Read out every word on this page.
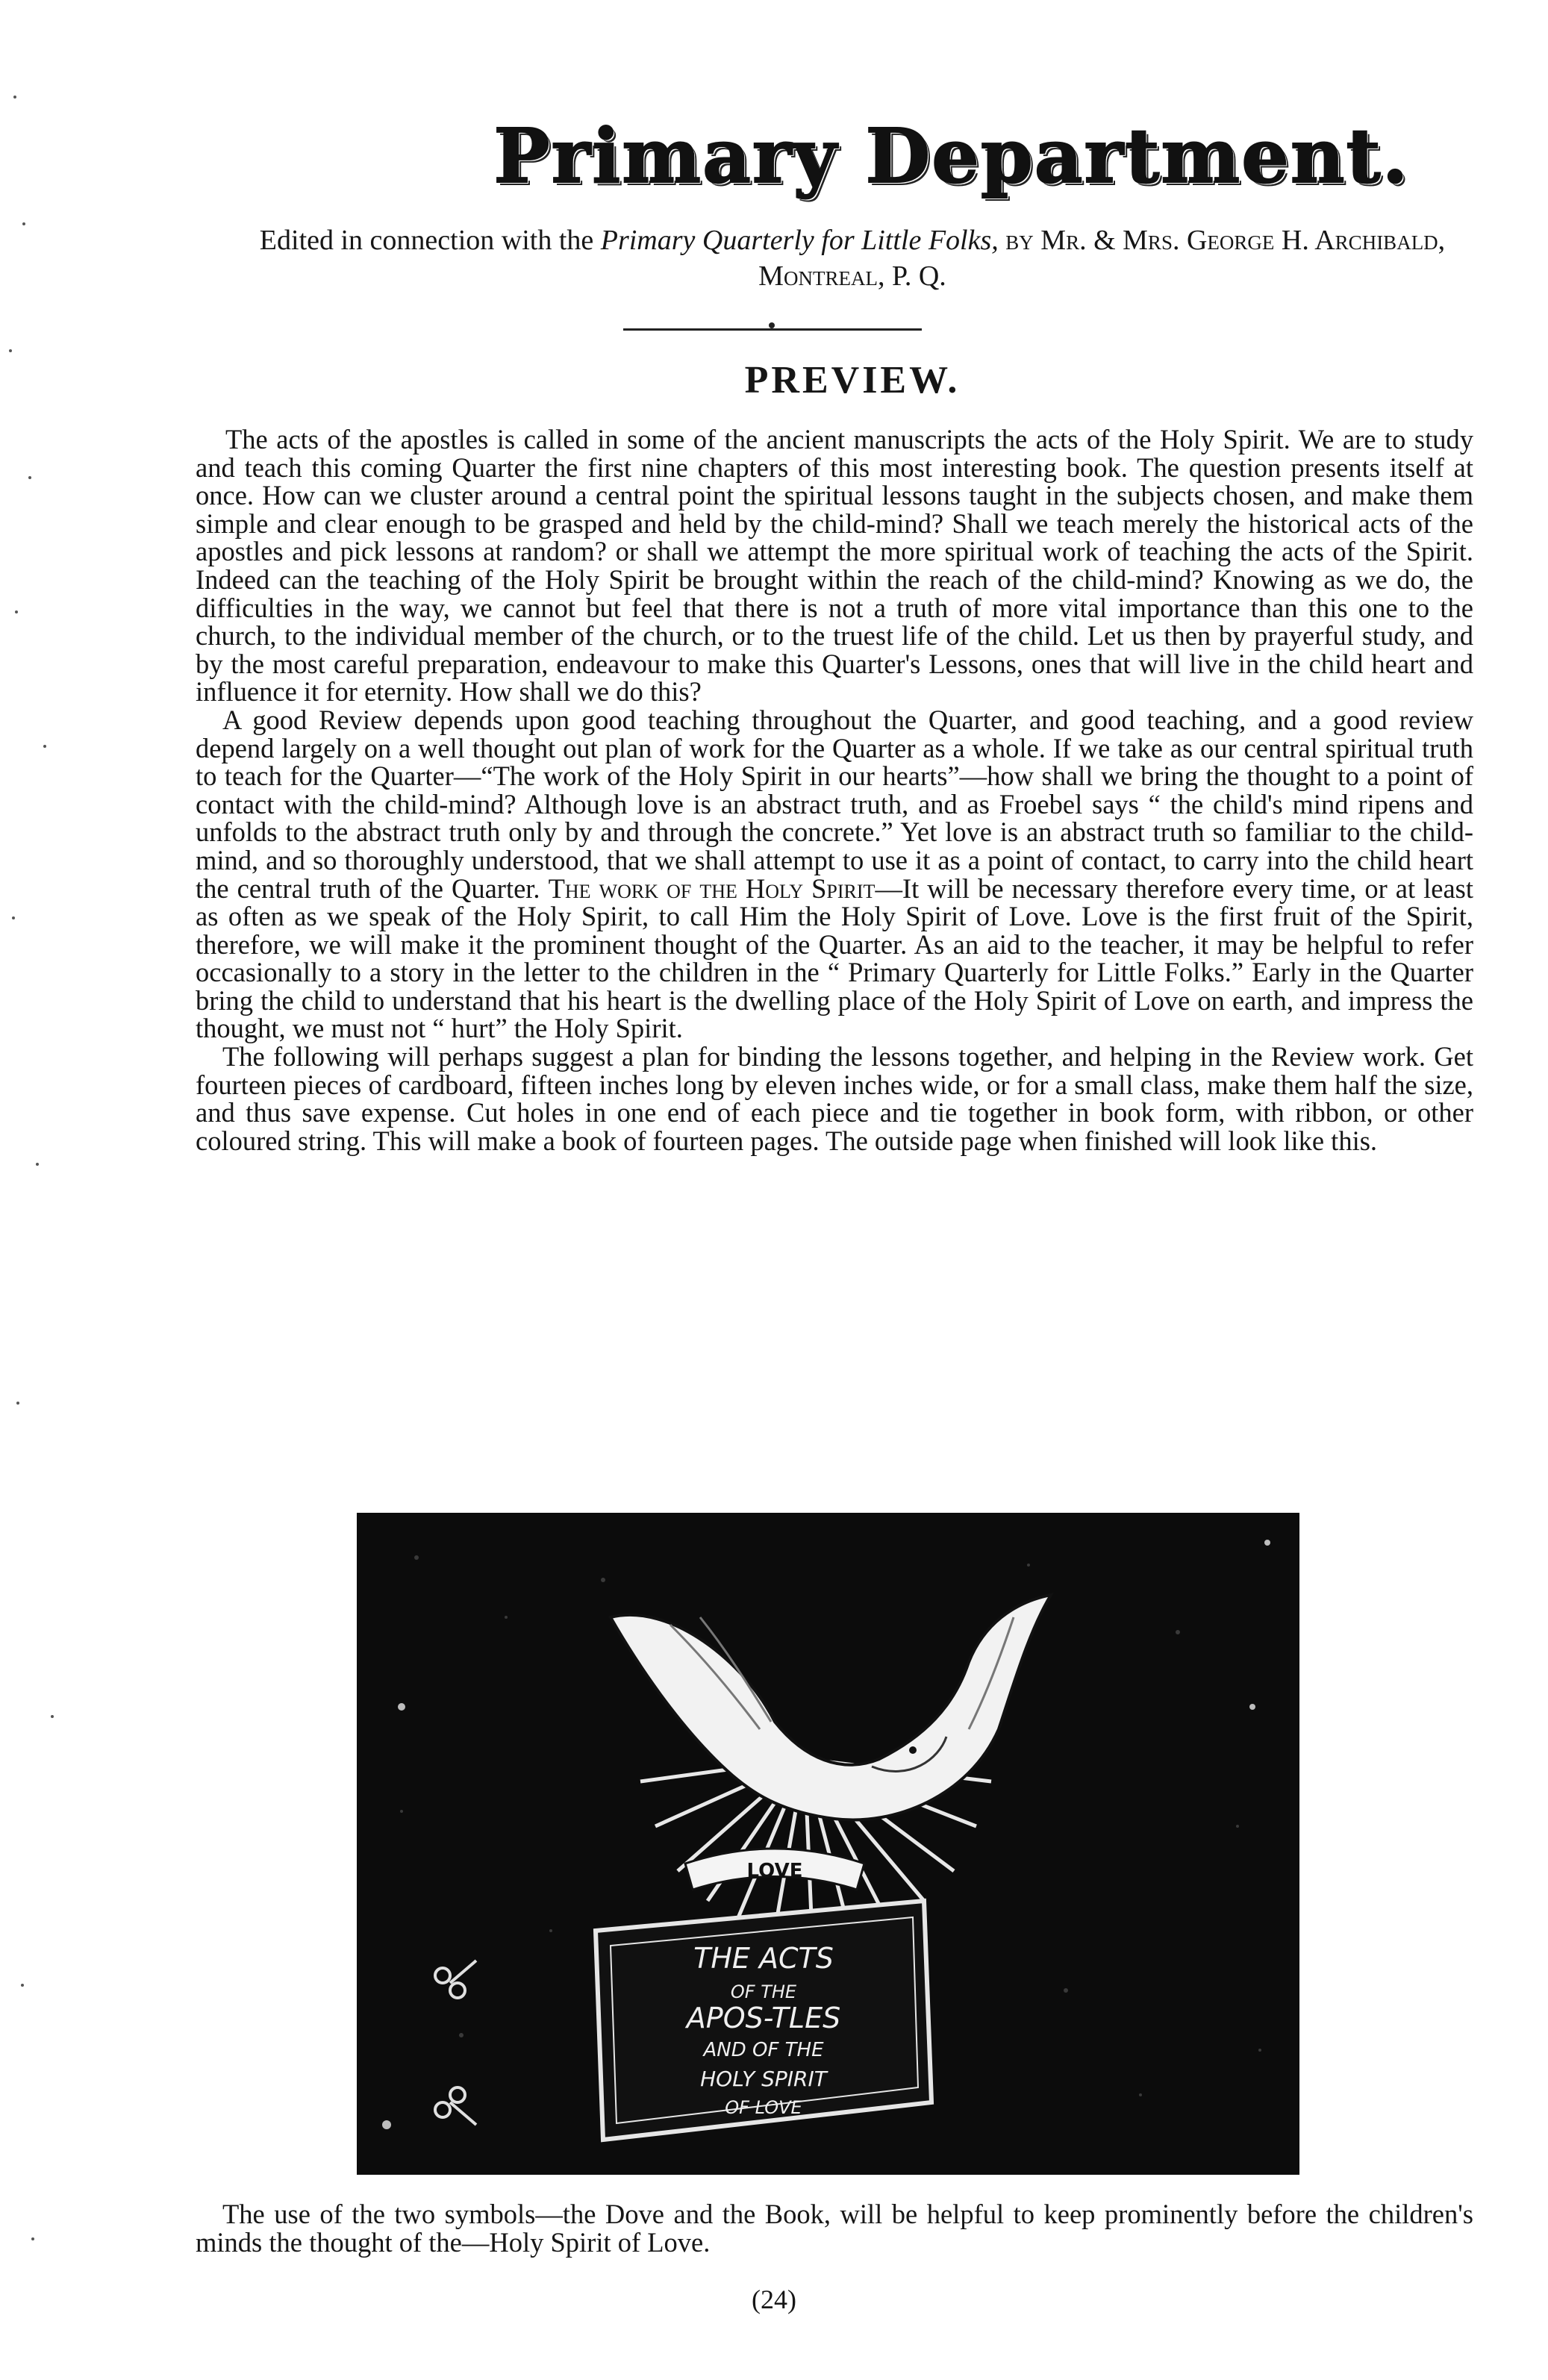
Primary Department.
Edited in connection with the Primary Quarterly for Little Folks, by Mr. & Mrs. George H. Archibald, Montreal, P. Q.
PREVIEW.

The acts of the apostles is called in some of the ancient manuscripts the acts of the Holy Spirit. We are to study and teach this coming Quarter the first nine chapters of this most interesting book. The question presents itself at once. How can we cluster around a central point the spiritual lessons taught in the subjects chosen, and make them simple and clear enough to be grasped and held by the child-mind? Shall we teach merely the historical acts of the apostles and pick lessons at random? or shall we attempt the more spiritual work of teaching the acts of the Spirit. Indeed can the teaching of the Holy Spirit be brought within the reach of the child-mind? Knowing as we do, the difficulties in the way, we cannot but feel that there is not a truth of more vital importance than this one to the church, to the individual member of the church, or to the truest life of the child. Let us then by prayerful study, and by the most careful preparation, endeavour to make this Quarter's Lessons, ones that will live in the child heart and influence it for eternity. How shall we do this?

A good Review depends upon good teaching throughout the Quarter, and good teaching, and a good review depend largely on a well thought out plan of work for the Quarter as a whole. If we take as our central spiritual truth to teach for the Quarter—“The work of the Holy Spirit in our hearts”—how shall we bring the thought to a point of contact with the child-mind? Although love is an abstract truth, and as Froebel says “ the child's mind ripens and unfolds to the abstract truth only by and through the concrete.” Yet love is an abstract truth so familiar to the child-mind, and so thoroughly understood, that we shall attempt to use it as a point of contact, to carry into the child heart the central truth of the Quarter. The work of the Holy Spirit—It will be necessary therefore every time, or at least as often as we speak of the Holy Spirit, to call Him the Holy Spirit of Love. Love is the first fruit of the Spirit, therefore, we will make it the prominent thought of the Quarter. As an aid to the teacher, it may be helpful to refer occasionally to a story in the letter to the children in the “ Primary Quarterly for Little Folks.” Early in the Quarter bring the child to understand that his heart is the dwelling place of the Holy Spirit of Love on earth, and impress the thought, we must not “ hurt” the Holy Spirit.

The following will perhaps suggest a plan for binding the lessons together, and helping in the Review work. Get fourteen pieces of cardboard, fifteen inches long by eleven inches wide, or for a small class, make them half the size, and thus save expense. Cut holes in one end of each piece and tie together in book form, with ribbon, or other coloured string. This will make a book of fourteen pages. The outside page when finished will look like this.

LOVE
THE ACTS
OF THE
APOS-TLES
AND OF THE
HOLY SPIRIT
OF LOVE

The use of the two symbols—the Dove and the Book, will be helpful to keep prominently before the children's minds the thought of the—Holy Spirit of Love.

(24)
